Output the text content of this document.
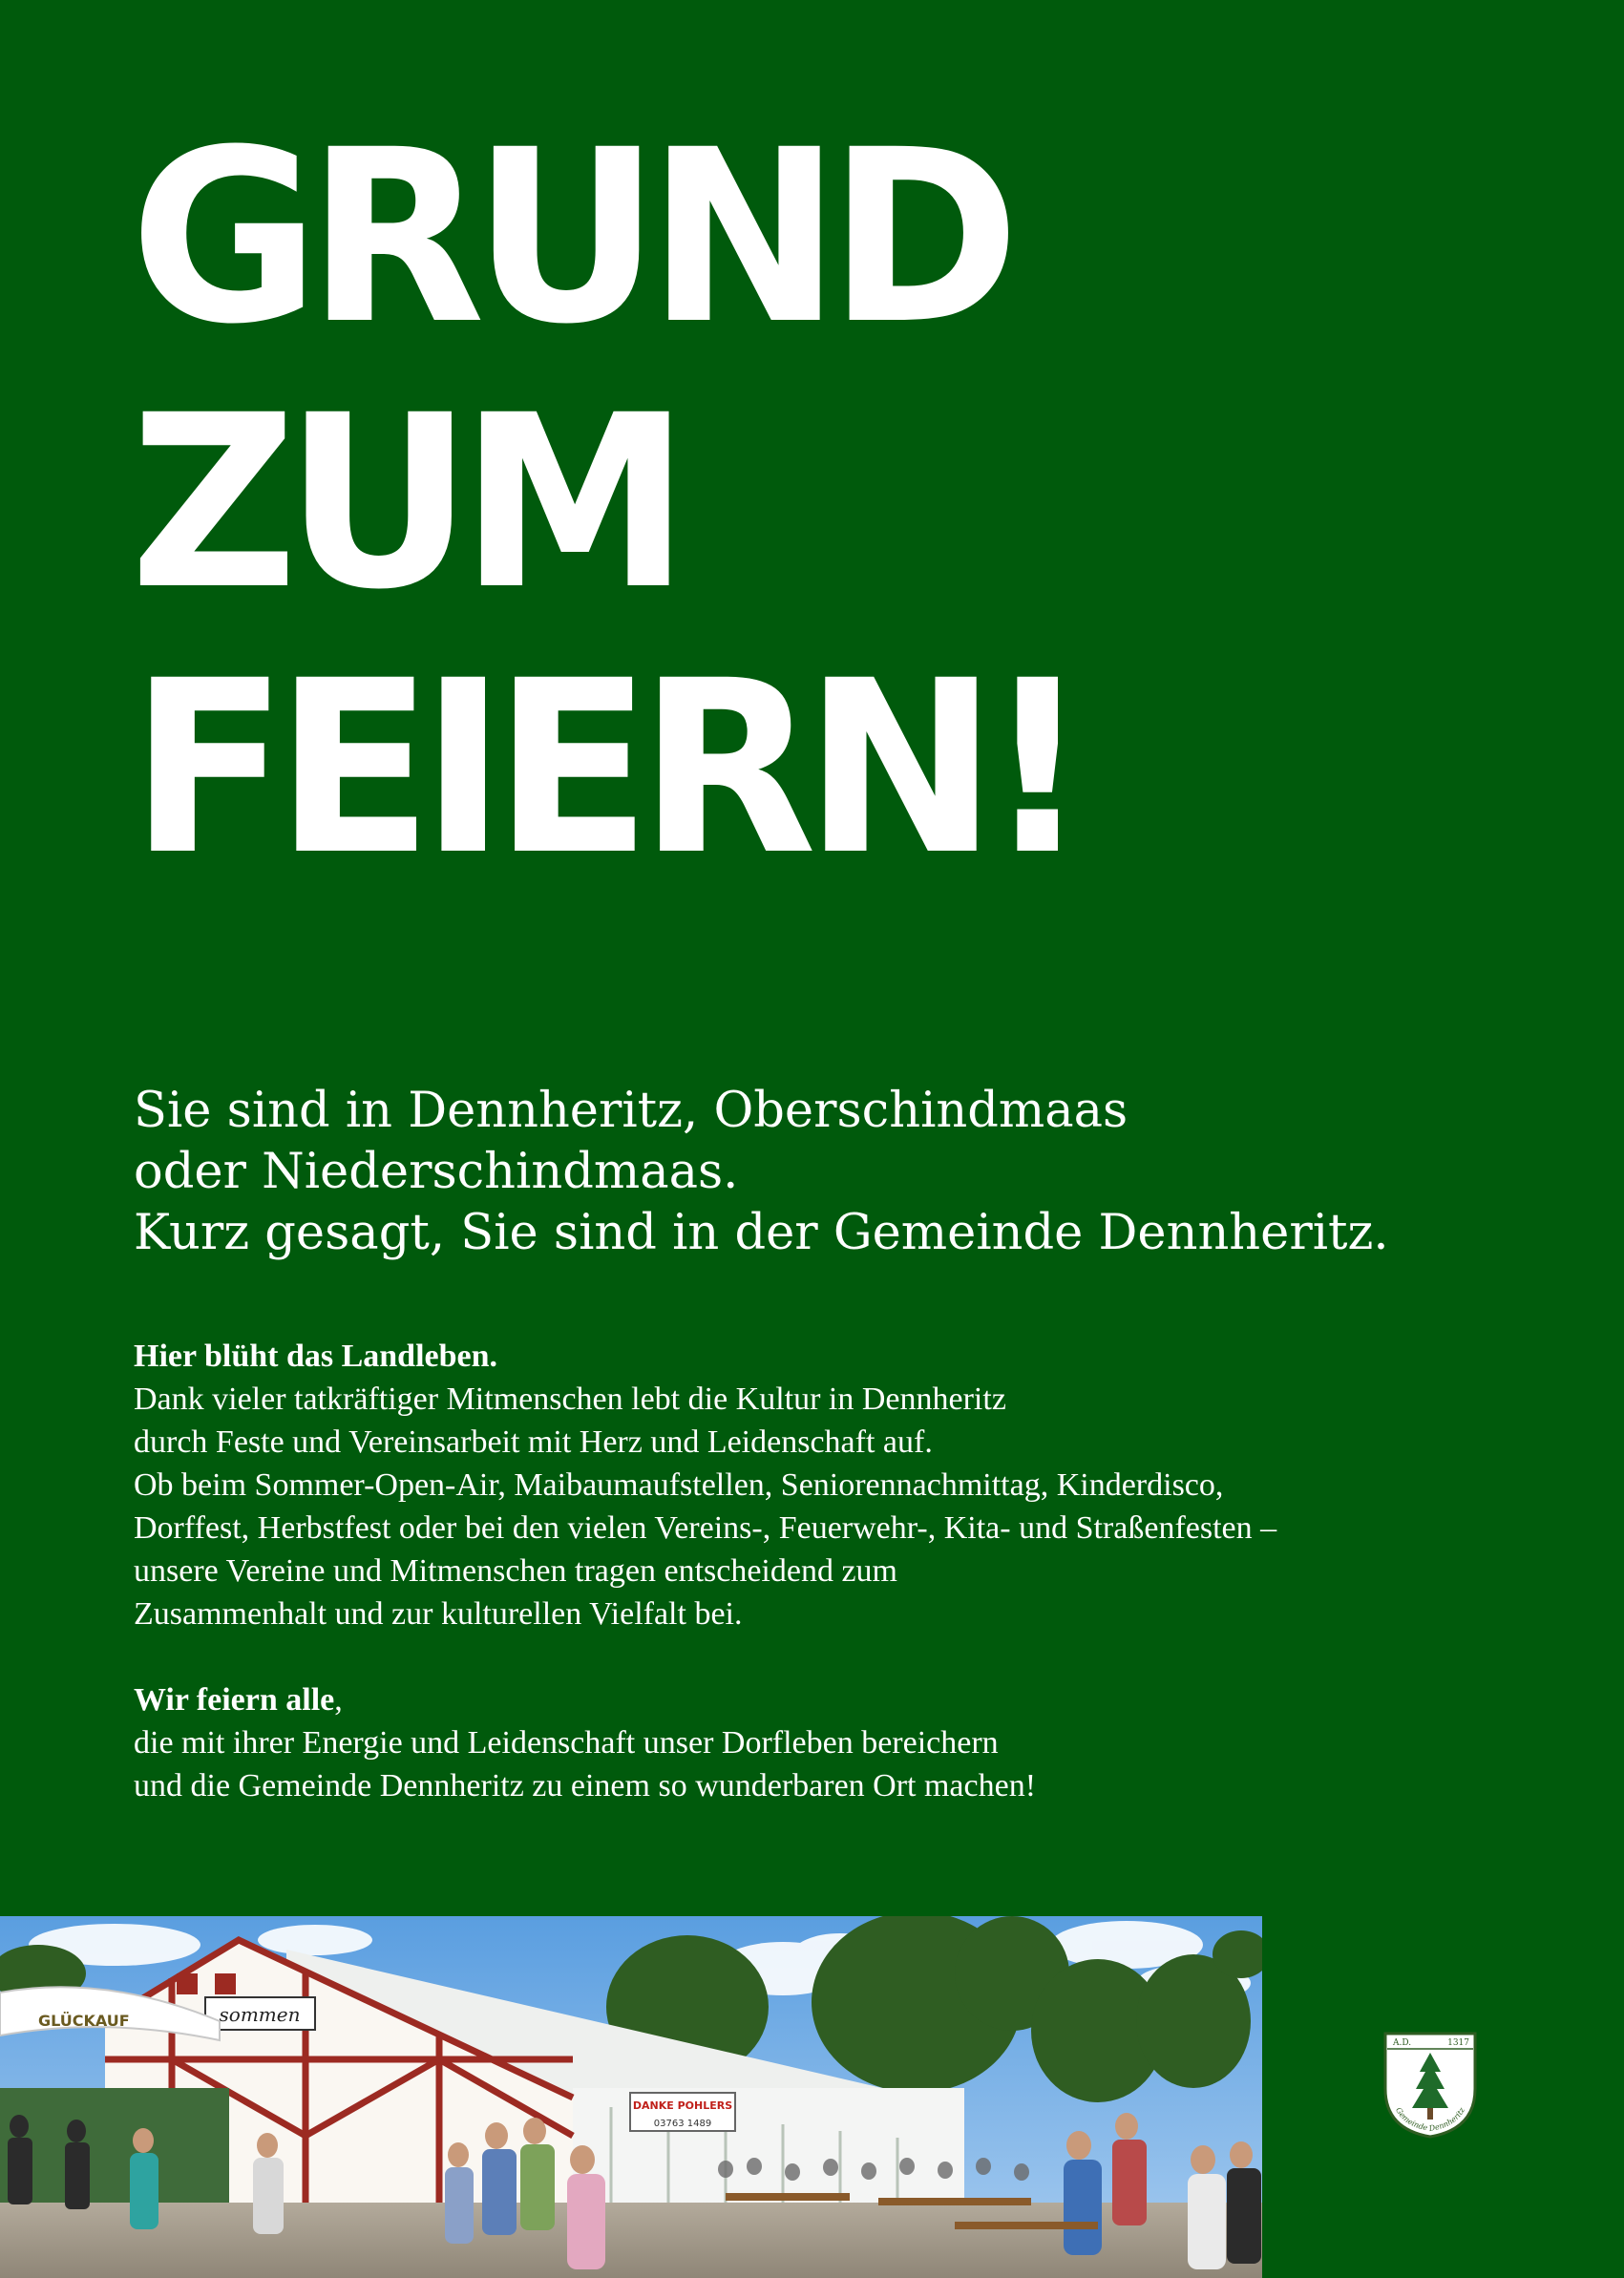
GRUND
ZUM
FEIERN!
Sie sind in Dennheritz, Oberschindmaas
oder Niederschindmaas.
Kurz gesagt, Sie sind in der Gemeinde Dennheritz.
Hier blüht das Landleben.
Dank vieler tatkräftiger Mitmenschen lebt die Kultur in Dennheritz
durch Feste und Vereinsarbeit mit Herz und Leidenschaft auf.
Ob beim Sommer-Open-Air, Maibaumaufstellen, Seniorennachmittag, Kinderdisco,
Dorffest, Herbstfest oder bei den vielen Vereins-, Feuerwehr-, Kita- und Straßenfesten –
unsere Vereine und Mitmenschen tragen entscheidend zum
Zusammenhalt und zur kulturellen Vielfalt bei.
Wir feiern alle,
die mit ihrer Energie und Leidenschaft unser Dorfleben bereichern
und die Gemeinde Dennheritz zu einem so wunderbaren Ort machen!
sommen
GLÜCKAUF
DANKE POHLERS
03763 1489
A.D.	1317
Gemeinde Dennheritz
